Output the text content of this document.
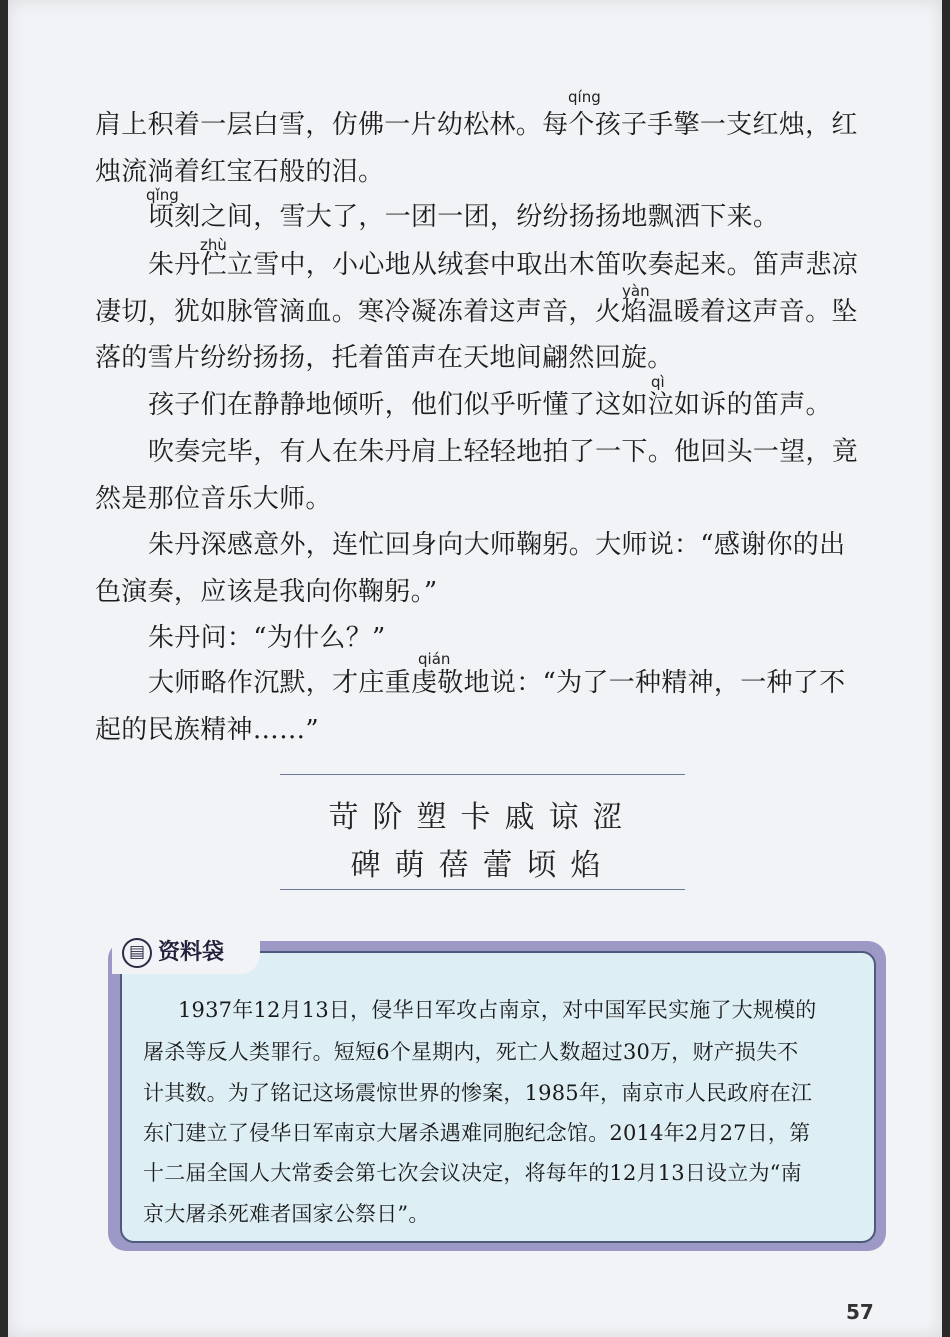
qíng
qǐng
zhù
yàn
qì
qián
肩上积着一层白雪，仿佛一片幼松林。每个孩子手擎一支红烛，红
烛流淌着红宝石般的泪。
顷刻之间，雪大了，一团一团，纷纷扬扬地飘洒下来。
朱丹伫立雪中，小心地从绒套中取出木笛吹奏起来。笛声悲凉
凄切，犹如脉管滴血。寒冷凝冻着这声音，火焰温暖着这声音。坠
落的雪片纷纷扬扬，托着笛声在天地间翩然回旋。
孩子们在静静地倾听，他们似乎听懂了这如泣如诉的笛声。
吹奏完毕，有人在朱丹肩上轻轻地拍了一下。他回头一望，竟
然是那位音乐大师。
朱丹深感意外，连忙回身向大师鞠躬。大师说：“感谢你的出
色演奏，应该是我向你鞠躬。”
朱丹问：“为什么？”
大师略作沉默，才庄重虔敬地说：“为了一种精神，一种了不
起的民族精神……”
苛阶塑卡戚谅涩
碑萌蓓蕾顷焰
▤ 资料袋
1937年12月13日，侵华日军攻占南京，对中国军民实施了大规模的
屠杀等反人类罪行。短短6个星期内，死亡人数超过30万，财产损失不
计其数。为了铭记这场震惊世界的惨案，1985年，南京市人民政府在江
东门建立了侵华日军南京大屠杀遇难同胞纪念馆。2014年2月27日，第
十二届全国人大常委会第七次会议决定，将每年的12月13日设立为“南
京大屠杀死难者国家公祭日”。
57
